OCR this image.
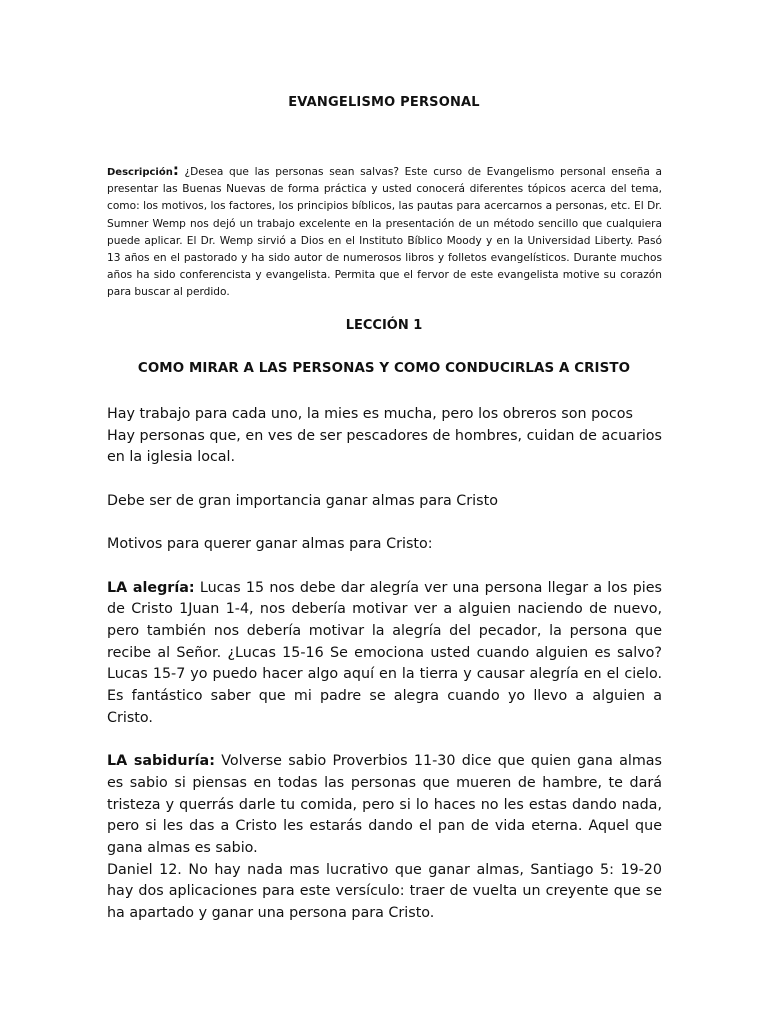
EVANGELISMO PERSONAL
Descripción: ¿Desea que las personas sean salvas? Este curso de Evangelismo personal enseña a presentar las Buenas Nuevas de forma práctica y usted conocerá diferentes tópicos acerca del tema, como: los motivos, los factores, los principios bíblicos, las pautas para acercarnos a personas, etc. El Dr. Sumner Wemp nos dejó un trabajo excelente en la presentación de un método sencillo que cualquiera puede aplicar. El Dr. Wemp sirvió a Dios en el Instituto Bíblico Moody y en la Universidad Liberty. Pasó 13 años en el pastorado y ha sido autor de numerosos libros y folletos evangelísticos. Durante muchos años ha sido conferencista y evangelista. Permita que el fervor de este evangelista motive su corazón para buscar al perdido.
LECCIÓN 1
COMO MIRAR A LAS PERSONAS Y COMO CONDUCIRLAS A CRISTO

Hay trabajo para cada uno, la mies es mucha, pero los obreros son pocos

Hay personas que, en ves de ser pescadores de hombres, cuidan de acuarios en la iglesia local.

Debe ser de gran importancia ganar almas para Cristo

Motivos para querer ganar almas para Cristo:

LA alegría: Lucas 15 nos debe dar alegría ver una persona llegar a los pies de Cristo 1Juan 1-4, nos debería motivar ver a alguien naciendo de nuevo, pero también nos debería motivar la alegría del pecador, la persona que recibe al Señor. ¿Lucas 15-16 Se emociona usted cuando alguien es salvo? Lucas 15-7 yo puedo hacer algo aquí en la tierra y causar alegría en el cielo. Es fantástico saber que mi padre se alegra cuando yo llevo a alguien a Cristo.

LA sabiduría: Volverse sabio Proverbios 11-30 dice que quien gana almas es sabio si piensas en todas las personas que mueren de hambre, te dará tristeza y querrás darle tu comida, pero si lo haces no les estas dando nada, pero si les das a Cristo les estarás dando el pan de vida eterna. Aquel que gana almas es sabio.

Daniel 12. No hay nada mas lucrativo que ganar almas, Santiago 5: 19-20 hay dos aplicaciones para este versículo: traer de vuelta un creyente que se ha apartado y ganar una persona para Cristo.
